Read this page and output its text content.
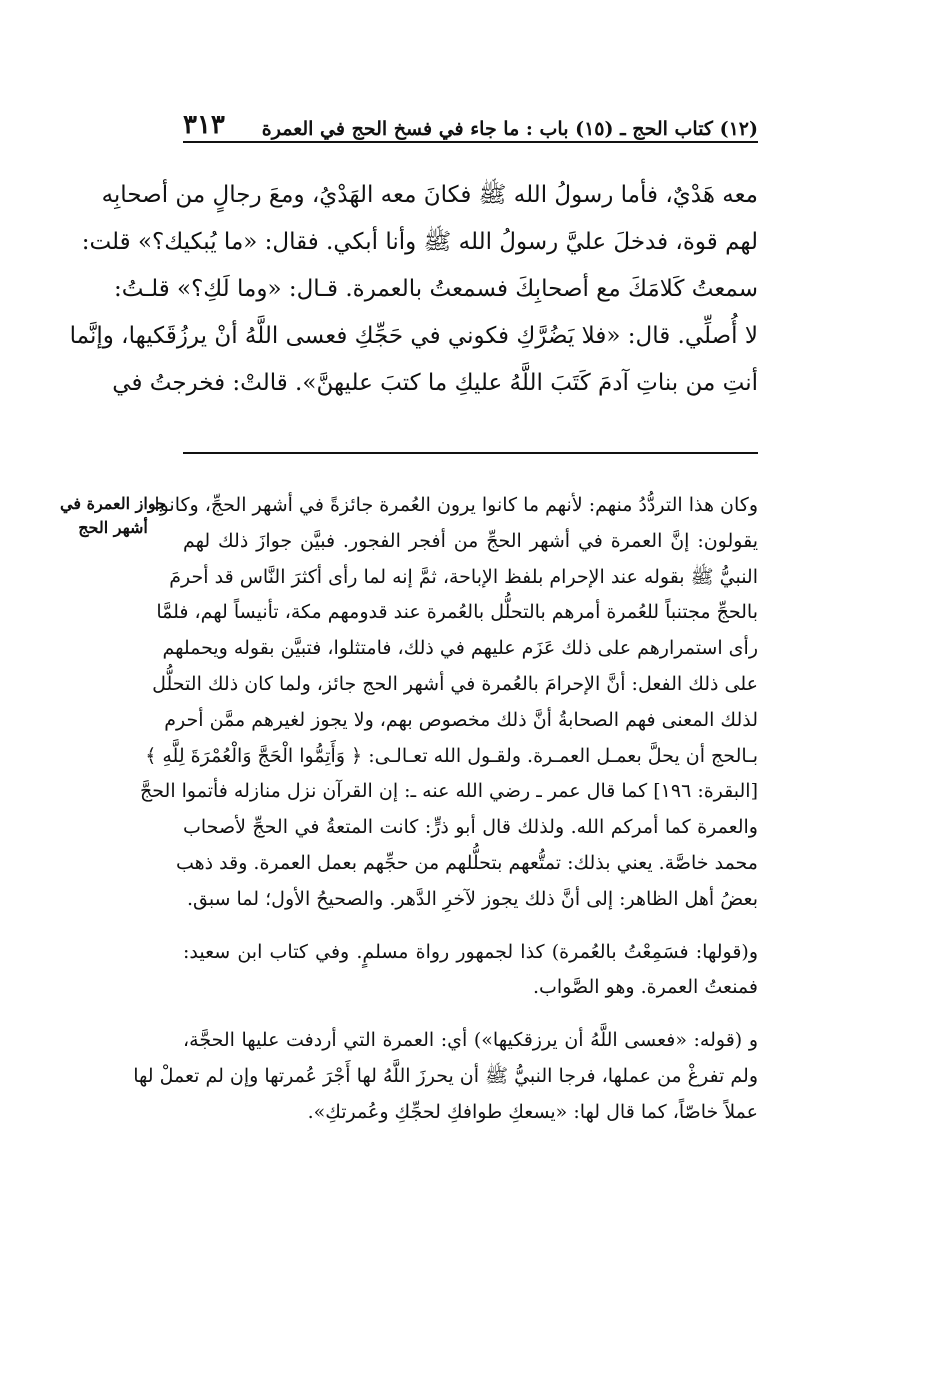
(١٢) كتاب الحج ـ (١٥) باب : ما جاء في فسخ الحج في العمرة
٣١٣
معه هَدْيٌ، فأما رسولُ الله ﷺ فكانَ معه الهَدْيُ، ومعَ رجالٍ من أصحابِه
لهم قوة، فدخلَ عليَّ رسولُ الله ﷺ وأنا أبكي. فقال: «ما يُبكيك؟» قلت:
سمعتُ كَلامَكَ مع أصحابِكَ فسمعتُ بالعمرة. قـال: «وما لَكِ؟» قلـتُ:
لا أُصلِّي. قال: «فلا يَضُرَّكِ فكوني في حَجِّكِ فعسى اللَّهُ أنْ يرزُقَكيها، وإنَّما
أنتِ من بناتِ آدمَ كَتَبَ اللَّهُ عليكِ ما كتبَ عليهنَّ». قالتْ: فخرجتُ في
جواز العمرة في
أشهر الحج
وكان هذا التردُّدُ منهم: لأنهم ما كانوا يرون العُمرة جائزةً في أشهر الحجِّ، وكانوا
يقولون: إنَّ العمرة في أشهر الحجِّ من أفجر الفجور. فبيَّن جوازَ ذلك لهم
النبيُّ ﷺ بقوله عند الإحرام بلفظ الإباحة، ثمَّ إنه لما رأى أكثرَ النَّاس قد أحرمَ
بالحجِّ مجتنباً للعُمرة أمرهم بالتحلُّل بالعُمرة عند قدومهم مكة، تأنيساً لهم، فلمَّا
رأى استمرارهم على ذلك عَزَم عليهم في ذلك، فامتثلوا، فتبيَّن بقوله ويحملهم
على ذلك الفعل: أنَّ الإحرامَ بالعُمرة في أشهر الحج جائز، ولما كان ذلك التحلُّل
لذلك المعنى فهم الصحابةُ أنَّ ذلك مخصوص بهم، ولا يجوز لغيرهم ممَّن أحرم
بـالحج أن يحلَّ بعمـل العمـرة. ولقـول الله تعـالـى: ﴿ وَأَتِمُّوا الْحَجَّ وَالْعُمْرَةَ لِلَّهِ ﴾
[البقرة: ١٩٦] كما قال عمر ـ رضي الله عنه ـ: إن القرآن نزل منازله فأتموا الحجَّ
والعمرة كما أمركم الله. ولذلك قال أبو ذرٍّ: كانت المتعةُ في الحجِّ لأصحاب
محمد خاصَّة. يعني بذلك: تمتُّعهم بتحلُّلهم من حجِّهم بعمل العمرة. وقد ذهب
بعضُ أهل الظاهر: إلى أنَّ ذلك يجوز لآخرِ الدَّهر. والصحيحُ الأول؛ لما سبق.
و(قولها: فسَمِعْتُ بالعُمرة) كذا لجمهور رواة مسلمٍ. وفي كتاب ابن سعيد:
فمنعتُ العمرة. وهو الصَّواب.
و (قوله: «فعسى اللَّهُ أن يرزقكيها») أي: العمرة التي أردفت عليها الحجَّة،
ولم تفرغْ من عملها، فرجا النبيُّ ﷺ أن يحرزَ اللَّهُ لها أَجْرَ عُمرتها وإن لم تعملْ لها
عملاً خاصّاً، كما قال لها: «يسعكِ طوافكِ لحجِّكِ وعُمرتكِ».
